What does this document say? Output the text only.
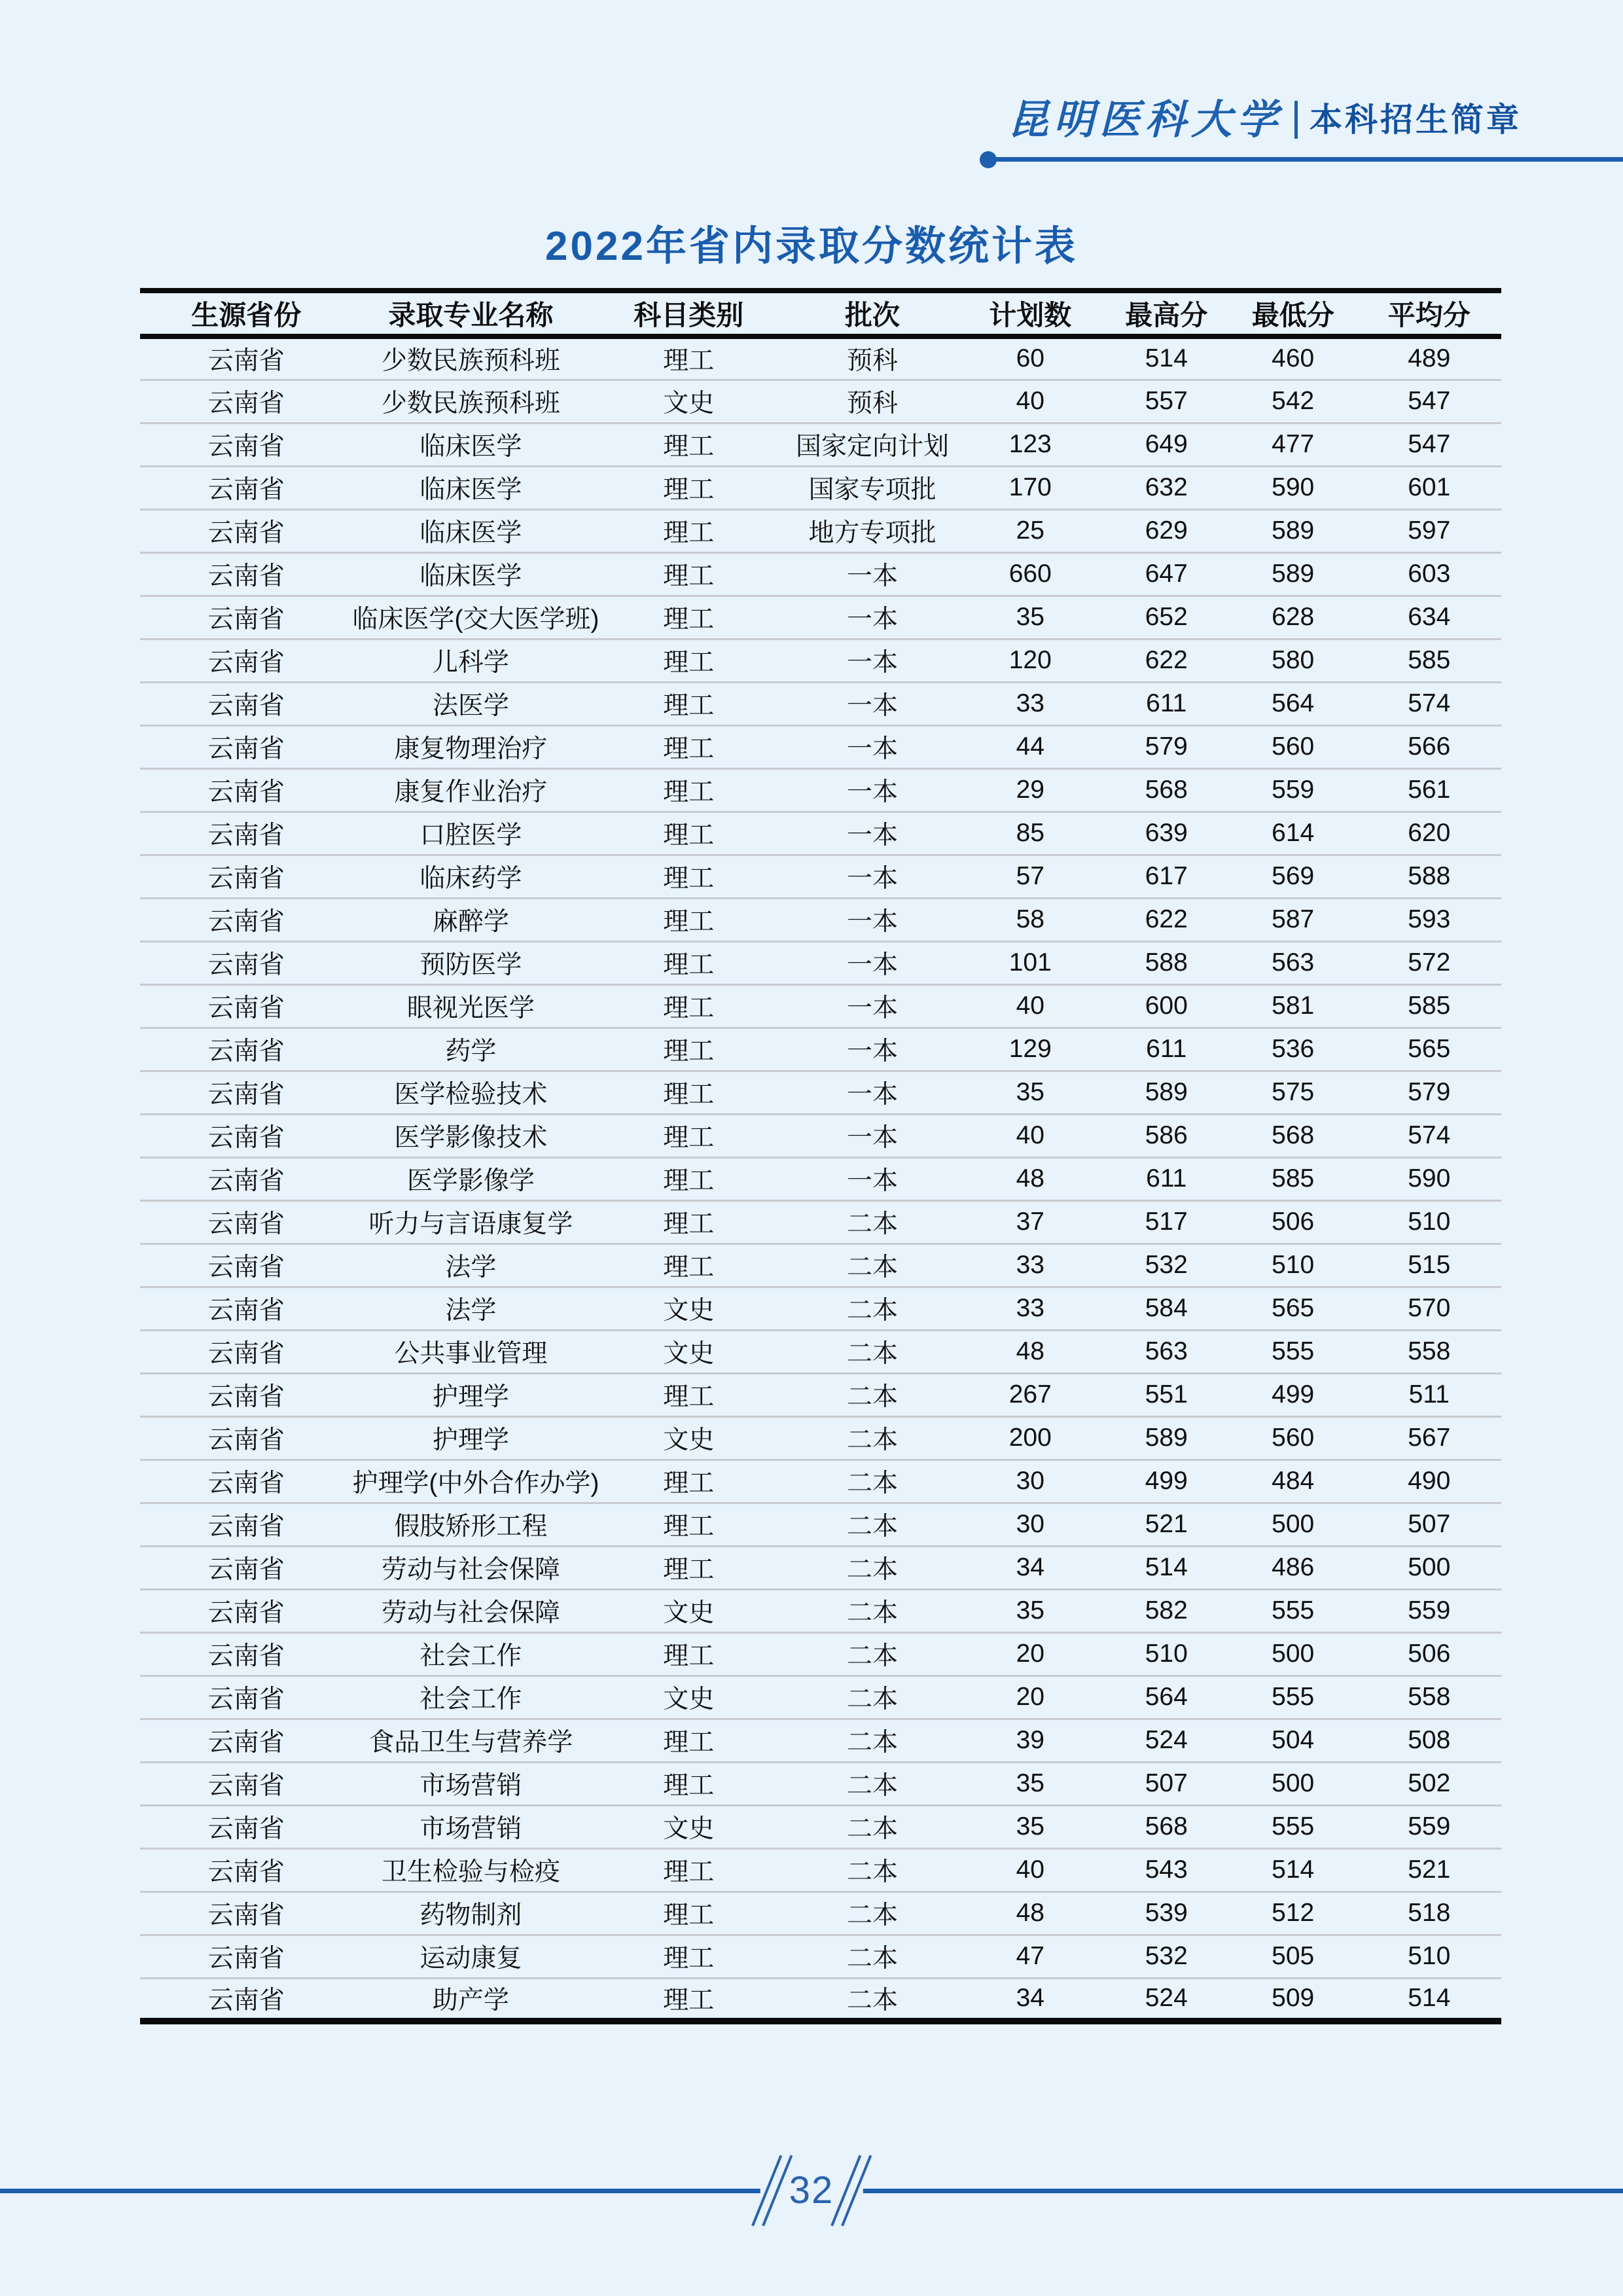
昆明医科大学 本科招生简章
2022年省内录取分数统计表
生源省份	录取专业名称	科目类别	批次	计划数	最高分	最低分	平均分
云南省	少数民族预科班	理工	预科	60	514	460	489
云南省	少数民族预科班	文史	预科	40	557	542	547
云南省	临床医学	理工	国家定向计划	123	649	477	547
云南省	临床医学	理工	国家专项批	170	632	590	601
云南省	临床医学	理工	地方专项批	25	629	589	597
云南省	临床医学	理工	一本	660	647	589	603
云南省	临床医学(交大医学班)	理工	一本	35	652	628	634
云南省	儿科学	理工	一本	120	622	580	585
云南省	法医学	理工	一本	33	611	564	574
云南省	康复物理治疗	理工	一本	44	579	560	566
云南省	康复作业治疗	理工	一本	29	568	559	561
云南省	口腔医学	理工	一本	85	639	614	620
云南省	临床药学	理工	一本	57	617	569	588
云南省	麻醉学	理工	一本	58	622	587	593
云南省	预防医学	理工	一本	101	588	563	572
云南省	眼视光医学	理工	一本	40	600	581	585
云南省	药学	理工	一本	129	611	536	565
云南省	医学检验技术	理工	一本	35	589	575	579
云南省	医学影像技术	理工	一本	40	586	568	574
云南省	医学影像学	理工	一本	48	611	585	590
云南省	听力与言语康复学	理工	二本	37	517	506	510
云南省	法学	理工	二本	33	532	510	515
云南省	法学	文史	二本	33	584	565	570
云南省	公共事业管理	文史	二本	48	563	555	558
云南省	护理学	理工	二本	267	551	499	511
云南省	护理学	文史	二本	200	589	560	567
云南省	护理学(中外合作办学)	理工	二本	30	499	484	490
云南省	假肢矫形工程	理工	二本	30	521	500	507
云南省	劳动与社会保障	理工	二本	34	514	486	500
云南省	劳动与社会保障	文史	二本	35	582	555	559
云南省	社会工作	理工	二本	20	510	500	506
云南省	社会工作	文史	二本	20	564	555	558
云南省	食品卫生与营养学	理工	二本	39	524	504	508
云南省	市场营销	理工	二本	35	507	500	502
云南省	市场营销	文史	二本	35	568	555	559
云南省	卫生检验与检疫	理工	二本	40	543	514	521
云南省	药物制剂	理工	二本	48	539	512	518
云南省	运动康复	理工	二本	47	532	505	510
云南省	助产学	理工	二本	34	524	509	514
32
